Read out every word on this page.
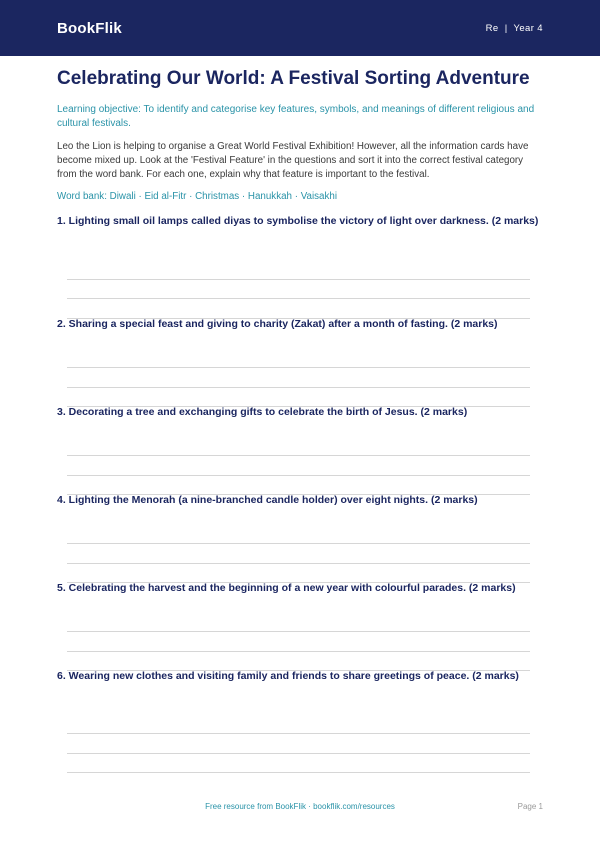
BookFlik	Re  |  Year 4
Celebrating Our World: A Festival Sorting Adventure

Learning objective: To identify and categorise key features, symbols, and meanings of different religious and cultural festivals.

Leo the Lion is helping to organise a Great World Festival Exhibition! However, all the information cards have become mixed up. Look at the 'Festival Feature' in the questions and sort it into the correct festival category from the word bank. For each one, explain why that feature is important to the festival.

Word bank: Diwali · Eid al-Fitr · Christmas · Hanukkah · Vaisakhi

1. Lighting small oil lamps called diyas to symbolise the victory of light over darkness. (2 marks)

2. Sharing a special feast and giving to charity (Zakat) after a month of fasting. (2 marks)

3. Decorating a tree and exchanging gifts to celebrate the birth of Jesus. (2 marks)

4. Lighting the Menorah (a nine-branched candle holder) over eight nights. (2 marks)

5. Celebrating the harvest and the beginning of a new year with colourful parades. (2 marks)

6. Wearing new clothes and visiting family and friends to share greetings of peace. (2 marks)

Free resource from BookFlik · bookflik.com/resources	Page 1
